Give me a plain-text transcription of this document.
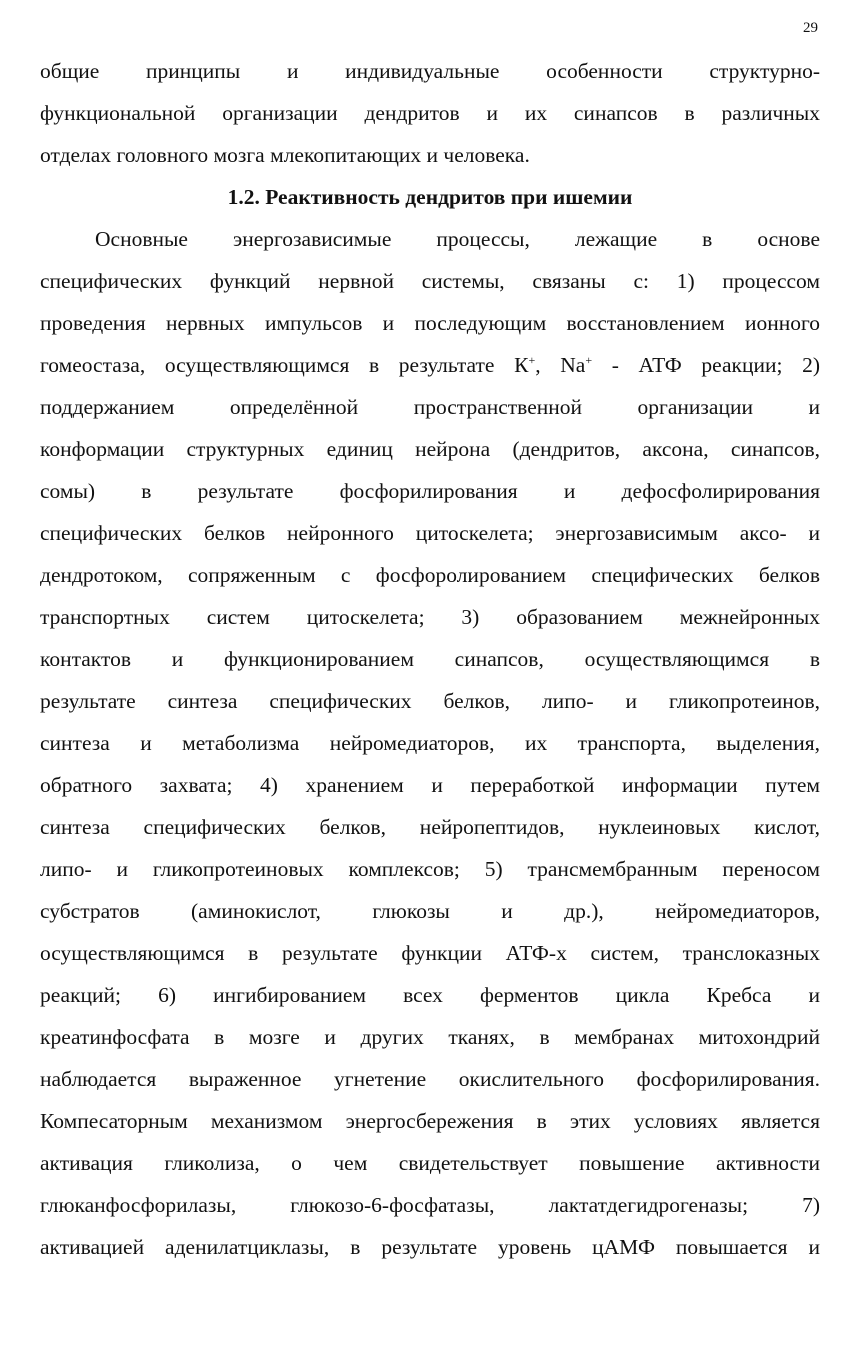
29
общие принципы и индивидуальные особенности структурно-
функциональной организации дендритов и их синапсов в различных
отделах головного мозга млекопитающих и человека.
1.2. Реактивность дендритов при ишемии
Основные энергозависимые процессы, лежащие в основе
специфических функций нервной системы, связаны с: 1) процессом
проведения нервных импульсов и последующим восстановлением ионного
гомеостаза, осуществляющимся в результате К+, Na+ - АТФ реакции; 2)
поддержанием определённой пространственной организации и
конформации структурных единиц нейрона (дендритов, аксона, синапсов,
сомы) в результате фосфорилирования и дефосфолирирования
специфических белков нейронного цитоскелета; энергозависимым аксо- и
дендротоком, сопряженным с фосфоролированием специфических белков
транспортных систем цитоскелета; 3) образованием межнейронных
контактов и функционированием синапсов, осуществляющимся в
результате синтеза специфических белков, липо- и гликопротеинов,
синтеза и метаболизма нейромедиаторов, их транспорта, выделения,
обратного захвата; 4) хранением и переработкой информации путем
синтеза специфических белков, нейропептидов, нуклеиновых кислот,
липо- и гликопротеиновых комплексов; 5) трансмембранным переносом
субстратов (аминокислот, глюкозы и др.), нейромедиаторов,
осуществляющимся в результате функции АТФ-х систем, транслоказных
реакций; 6) ингибированием всех ферментов цикла Кребса и
креатинфосфата в мозге и других тканях, в мембранах митохондрий
наблюдается выраженное угнетение окислительного фосфорилирования.
Компесаторным механизмом энергосбережения в этих условиях является
активация гликолиза, о чем свидетельствует повышение активности
глюканфосфорилазы, глюкозо-6-фосфатазы, лактатдегидрогеназы; 7)
активацией аденилатциклазы, в результате уровень цАМФ повышается и
